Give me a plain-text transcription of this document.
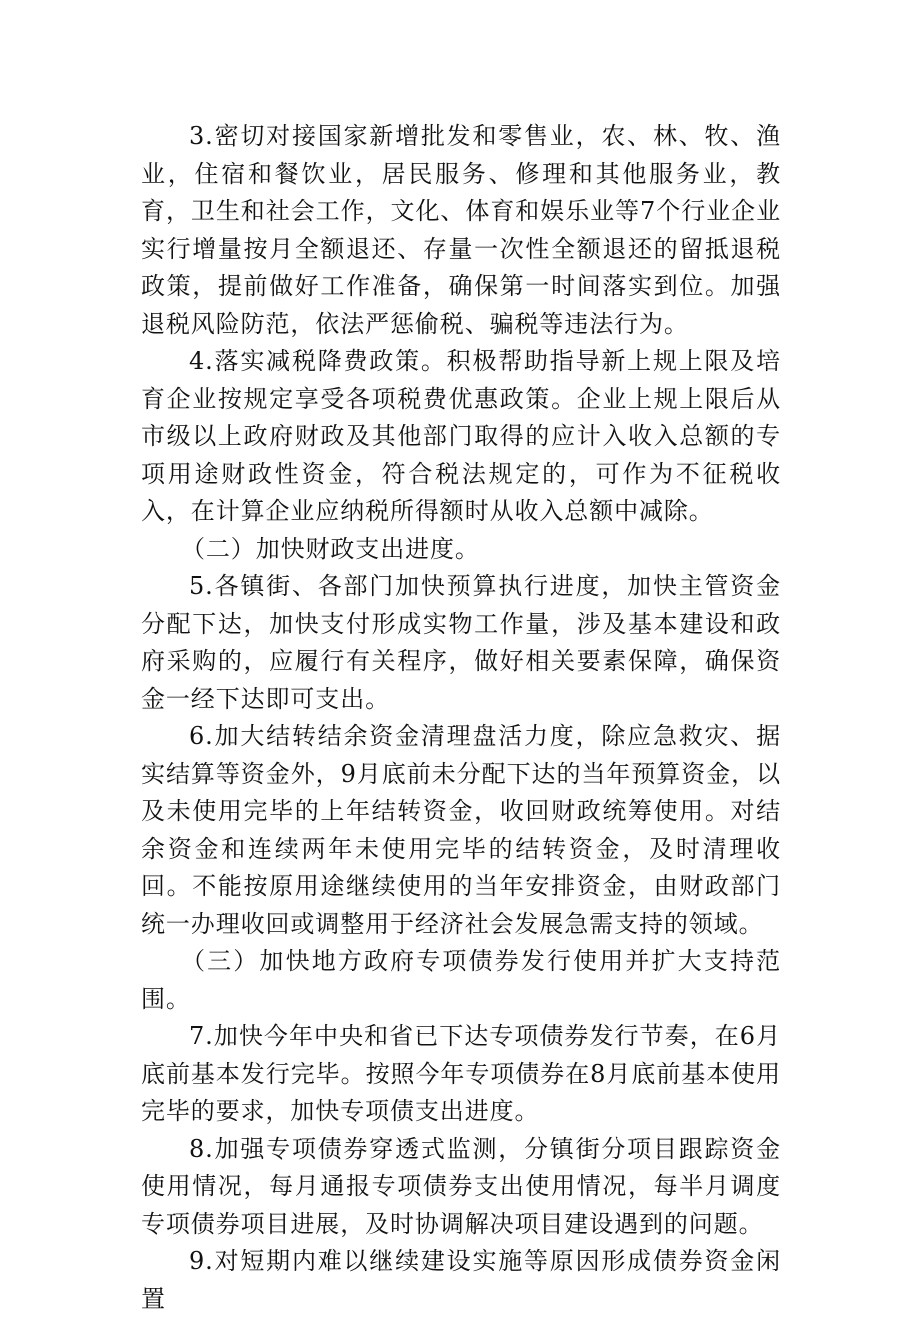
3.密切对接国家新增批发和零售业，农、林、牧、渔业，住宿和餐饮业，居民服务、修理和其他服务业，教育，卫生和社会工作，文化、体育和娱乐业等7个行业企业实行增量按月全额退还、存量一次性全额退还的留抵退税政策，提前做好工作准备，确保第一时间落实到位。加强退税风险防范，依法严惩偷税、骗税等违法行为。

4.落实减税降费政策。积极帮助指导新上规上限及培育企业按规定享受各项税费优惠政策。企业上规上限后从市级以上政府财政及其他部门取得的应计入收入总额的专项用途财政性资金，符合税法规定的，可作为不征税收入，在计算企业应纳税所得额时从收入总额中减除。

（二）加快财政支出进度。

5.各镇街、各部门加快预算执行进度，加快主管资金分配下达，加快支付形成实物工作量，涉及基本建设和政府采购的，应履行有关程序，做好相关要素保障，确保资金一经下达即可支出。

6.加大结转结余资金清理盘活力度，除应急救灾、据实结算等资金外，9月底前未分配下达的当年预算资金，以及未使用完毕的上年结转资金，收回财政统筹使用。对结余资金和连续两年未使用完毕的结转资金，及时清理收回。不能按原用途继续使用的当年安排资金，由财政部门统一办理收回或调整用于经济社会发展急需支持的领域。

（三）加快地方政府专项债券发行使用并扩大支持范围。

7.加快今年中央和省已下达专项债券发行节奏，在6月底前基本发行完毕。按照今年专项债券在8月底前基本使用完毕的要求，加快专项债支出进度。

8.加强专项债券穿透式监测，分镇街分项目跟踪资金使用情况，每月通报专项债券支出使用情况，每半月调度专项债券项目进展，及时协调解决项目建设遇到的问题。

9.对短期内难以继续建设实施等原因形成债券资金闲置
